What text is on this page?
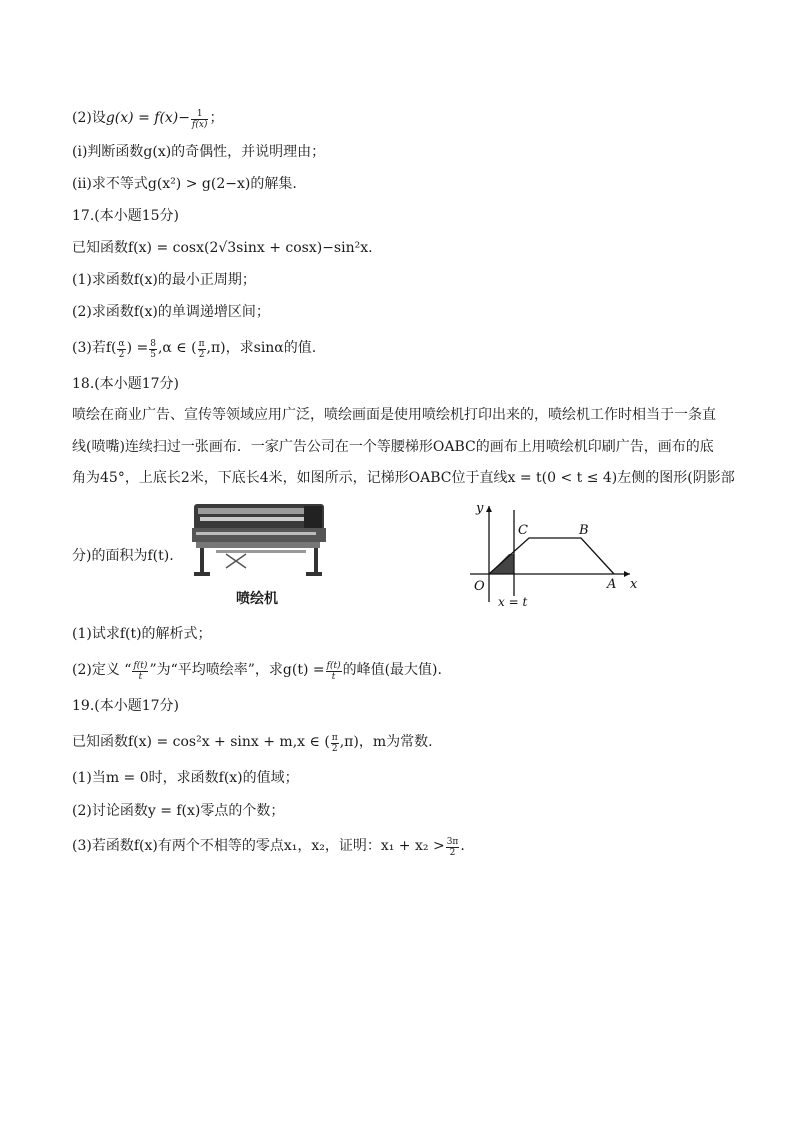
(2)设$g(x) = f(x)- \frac{1}{f(x)}$ ；
(i)判断函数g(x)的奇偶性，并说明理由；
(ii)求不等式g(x²) > g(2−x)的解集.
17.(本小题15分)
已知函数f(x) = cosx(2√3sinx + cosx)−sin²x.
(1)求函数f(x)的最小正周期；
(2)求函数f(x)的单调递增区间；
(3)若$f( \frac{\alpha}{2}$ ) = $\frac{8}{5} ,\alpha$ ∈ ( $\frac{\pi}{2} ,\pi$)，求sinα的值.
18.(本小题17分)
喷绘在商业广告、宣传等领域应用广泛，喷绘画面是使用喷绘机打印出来的，喷绘机工作时相当于一条直
线(喷嘴)连续扫过一张画布．一家广告公司在一个等腰梯形OABC的画布上用喷绘机印刷广告，画布的底
角为45°，上底长2米，下底长4米，如图所示，记梯形OABC位于直线x = t(0 < t ≤ 4)左侧的图形(阴影部
分)的面积为f(t).
喷绘机
y
x
O	A
B
C
x = t
(1)试求f(t)的解析式；
(2)定义 “ $\frac{f(t)}{t}$ ”为“平均喷绘率”，求$g(t) = \frac{f(t)}{t}$ 的峰值(最大值).
19.(本小题17分)
已知函数f(x) = cos²x + sinx + m,x ∈ ( $\frac{\pi}{2} ,\pi$)，m为常数.
(1)当m = 0时，求函数f(x)的值域；
(2)讨论函数y = f(x)零点的个数；
(3)若函数f(x)有两个不相等的零点x₁，x₂，证明：$x_1 + x_2 > \frac{3\pi}{2}$ .
